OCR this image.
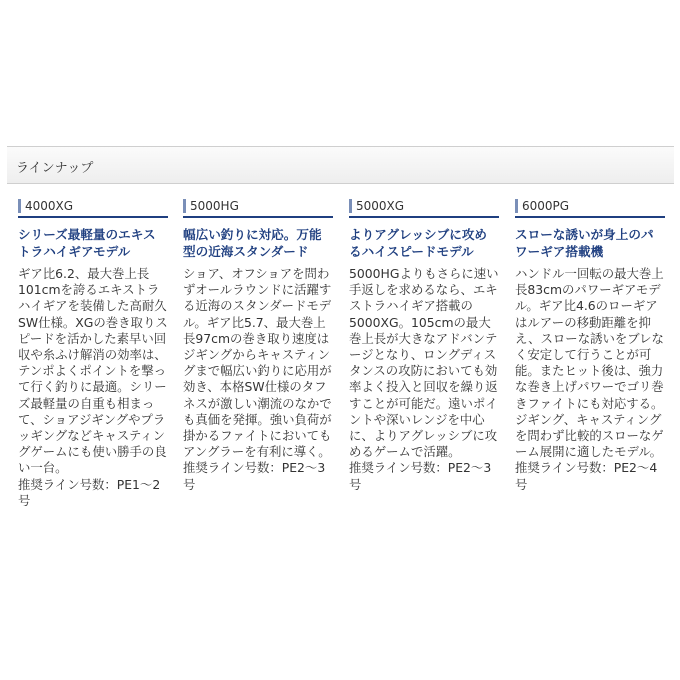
ラインナップ
4000XG
シリーズ最軽量のエキストラハイギアモデル
ギア比6.2、最大巻上長101cmを誇るエキストラハイギアを装備した高耐久SW仕様。XGの巻き取りスピードを活かした素早い回収や糸ふけ解消の効率は、テンポよくポイントを撃って行く釣りに最適。シリーズ最軽量の自重も相まって、ショアジギングやプラッギングなどキャスティングゲームにも使い勝手の良い一台。
推奨ライン号数：PE1～2号
5000HG
幅広い釣りに対応。万能型の近海スタンダード
ショア、オフショアを問わずオールラウンドに活躍する近海のスタンダードモデル。ギア比5.7、最大巻上長97cmの巻き取り速度はジギングからキャスティングまで幅広い釣りに応用が効き、本格SW仕様のタフネスが激しい潮流のなかでも真価を発揮。強い負荷が掛かるファイトにおいてもアングラーを有利に導く。
推奨ライン号数：PE2～3号
5000XG
よりアグレッシブに攻めるハイスピードモデル
5000HGよりもさらに速い手返しを求めるなら、エキストラハイギア搭載の5000XG。105cmの最大巻上長が大きなアドバンテージとなり、ロングディスタンスの攻防においても効率よく投入と回収を繰り返すことが可能だ。遠いポイントや深いレンジを中心に、よりアグレッシブに攻めるゲームで活躍。
推奨ライン号数：PE2～3号
6000PG
スローな誘いが身上のパワーギア搭載機
ハンドル一回転の最大巻上長83cmのパワーギアモデル。ギア比4.6のローギアはルアーの移動距離を抑え、スローな誘いをブレなく安定して行うことが可能。またヒット後は、強力な巻き上げパワーでゴリ巻きファイトにも対応する。ジギング、キャスティングを問わず比較的スローなゲーム展開に適したモデル。
推奨ライン号数：PE2～4号
